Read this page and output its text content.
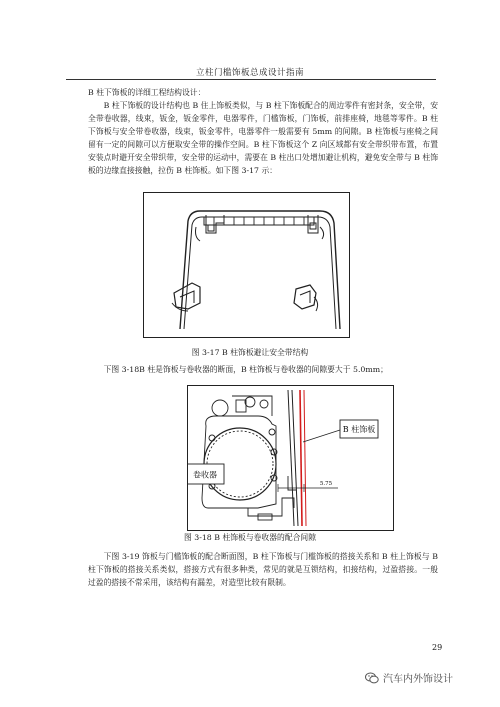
立柱门槛饰板总成设计指南

B 柱下饰板的详细工程结构设计：

B 柱下饰板的设计结构也 B 住上饰板类似，与 B 柱下饰板配合的周边零件有密封条，安全带，安全带卷收器，线束，钣金，钣金零件，电器零件，门槛饰板，门饰板，前排座椅，地毯等零件。B 柱下饰板与安全带卷收器，线束，钣金零件，电器零件一般需要有 5mm 的间隙。B 柱饰板与座椅之间留有一定的间隙可以方便取安全带的操作空间。B 柱下饰板这个 Z 向区域都有安全带织带布置，布置安装点时避开安全带织带，安全带的运动中，需要在 B 柱出口处增加避让机构，避免安全带与 B 柱饰板的边缘直接接触，拉伤 B 柱饰板。如下图 3-17 示：

图 3-17 B 柱饰板避让安全带结构

下图 3-18B 柱是饰板与卷收器的断面，B 柱饰板与卷收器的间隙要大于 5.0mm；

卷收器
B 柱饰板
5.75
图 3-18 B 柱饰板与卷收器的配合间隙

下图 3-19 饰板与门槛饰板的配合断面图，B 柱下饰板与门槛饰板的搭接关系和 B 柱上饰板与 B 柱下饰板的搭接关系类似，搭接方式有很多种类，常见的就是互锁结构，扣接结构，过盈搭接。一般过盈的搭接不常采用，该结构有漏差，对造型比较有限制。

29
汽车内外饰设计
